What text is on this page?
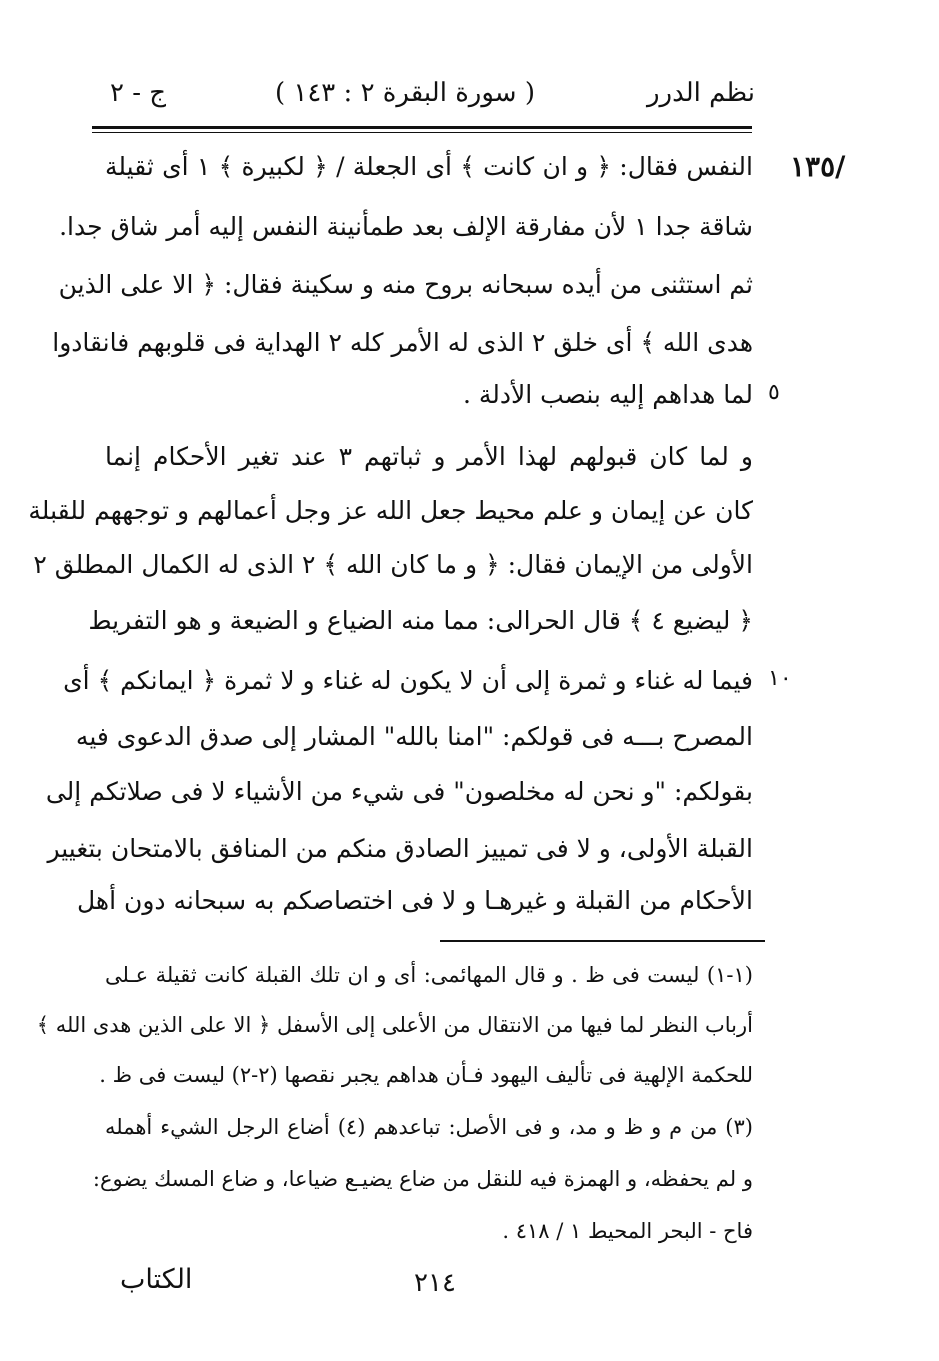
نظم الدرر
( سورة البقرة ٢ : ١٤٣ )
ج - ٢
/١٣٥
النفس فقال: ﴿ و ان كانت ﴾ أى الجعلة / ﴿ لكبيرة ﴾ ١ أى ثقيلة
شاقة جدا ١ لأن مفارقة الإلف بعد طمأنينة النفس إليه أمر شاق جدا.
ثم استثنى من أيده سبحانه بروح منه و سكينة فقال: ﴿ الا على الذين
هدى الله ﴾ أى خلق ٢ الذى له الأمر كله ٢ الهداية فى قلوبهم فانقادوا
لما هداهم إليه بنصب الأدلة .
و لما كان قبولهم لهذا الأمر و ثباتهم ٣ عند تغير الأحكام إنما
كان عن إيمان و علم محيط جعل الله عز وجل أعمالهم و توجههم للقبلة
الأولى من الإيمان فقال: ﴿ و ما كان الله ﴾ ٢ الذى له الكمال المطلق ٢
﴿ ليضيع ٤ ﴾ قال الحرالى: مما منه الضياع و الضيعة و هو التفريط
فيما له غناء و ثمرة إلى أن لا يكون له غناء و لا ثمرة ﴿ ايمانكم ﴾ أى
المصرح بـــه فى قولكم: "امنا بالله" المشار إلى صدق الدعوى فيه
بقولكم: "و نحن له مخلصون" فى شيء من الأشياء لا فى صلاتكم إلى
القبلة الأولى، و لا فى تمييز الصادق منكم من المنافق بالامتحان بتغيير
الأحكام من القبلة و غيرهـا و لا فى اختصاصكم به سبحانه دون أهل
٥
١٠
(١-١) ليست فى ظ . و قال المهائمى: أى و ان تلك القبلة كانت ثقيلة عـلى
أرباب النظر لما فيها من الانتقال من الأعلى إلى الأسفل ﴿ الا على الذين هدى الله ﴾
للحكمة الإلهية فى تأليف اليهود فـأن هداهم يجبر نقصها (٢-٢) ليست فى ظ .
(٣) من م و ظ و مد، و فى الأصل: تباعدهم (٤) أضاع الرجل الشيء أهمله
و لم يحفظه، و الهمزة فيه للنقل من ضاع يضيـع ضياعا، و ضاع المسك يضوع:
فاح - البحر المحيط ١ / ٤١٨ .
٢١٤
الكتاب
